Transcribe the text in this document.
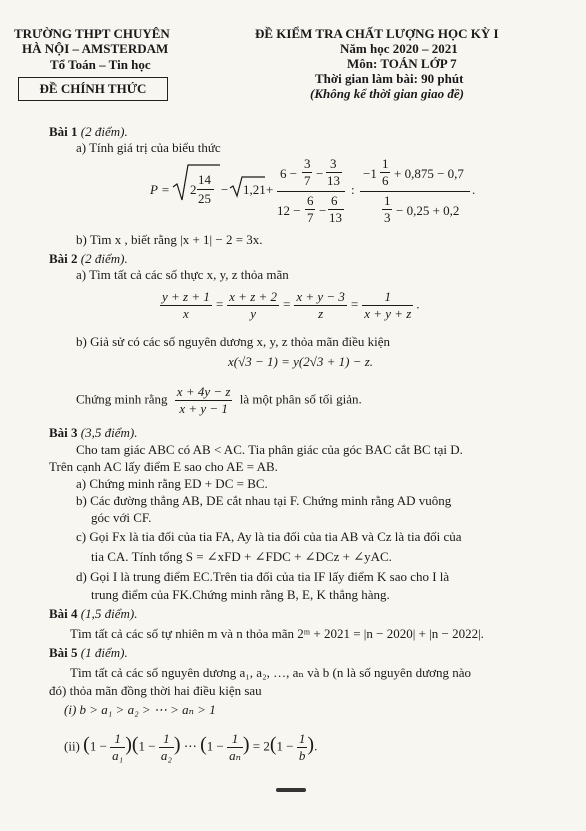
TRƯỜNG THPT CHUYÊN
HÀ NỘI – AMSTERDAM
Tổ Toán – Tin học
ĐỀ CHÍNH THỨC
ĐỀ KIỂM TRA CHẤT LƯỢNG HỌC KỲ I
Năm học 2020 – 2021
Môn: TOÁN LỚP 7
Thời gian làm bài: 90 phút
(Không kể thời gian giao đề)
Bài 1 (2 điểm).
a) Tính giá trị của biểu thức
P = 2
14
25
− 1,21 +
6 −
3
7 −
3
13
12 −
6
7 −
6
13
:
−1
1
6 + 0,875 − 0,7
1
3 − 0,25 + 0,2
.
b) Tìm x , biết rằng |x + 1| − 2 = 3x.
Bài 2 (2 điểm).
a) Tìm tất cả các số thực x, y, z thỏa mãn
$\frac{y + z + 1}{x} = \frac{x + z + 2}{y} = \frac{x + y - 3}{z} = \frac{1}{x + y + z}$ .
b) Giả sử có các số nguyên dương x, y, z thỏa mãn điều kiện
x(√3 − 1) = y(2√3 + 1) − z.
Chứng minh rằng $\frac{x + 4y - z}{x + y - 1}$ là một phân số tối giản.
Bài 3 (3,5 điểm).
Cho tam giác ABC có AB < AC. Tia phân giác của góc BAC cắt BC tại D.
Trên cạnh AC lấy điểm E sao cho AE = AB.
a) Chứng minh rằng ED + DC = BC.
b) Các đường thẳng AB, DE cắt nhau tại F. Chứng minh rằng AD vuông
góc với CF.
c) Gọi Fx là tia đối của tia FA, Ay là tia đối của tia AB và Cz là tia đối của
tia CA. Tính tổng S = ∠xFD + ∠FDC + ∠DCz + ∠yAC.
d) Gọi I là trung điểm EC.Trên tia đối của tia IF lấy điểm K sao cho I là
trung điểm của FK.Chứng minh rằng B, E, K thẳng hàng.
Bài 4 (1,5 điểm).
Tìm tất cả các số tự nhiên m và n thỏa mãn 2ᵐ + 2021 = |n − 2020| + |n − 2022|.
Bài 5 (1 điểm).
Tìm tất cả các số nguyên dương a₁, a₂, …, aₙ và b (n là số nguyên dương nào
đó) thỏa mãn đồng thời hai điều kiện sau
(i) b > a₁ > a₂ > ⋯ > aₙ > 1
(ii) $(1 - \frac{1}{\text{a₁}} )(1 - \frac{1}{\text{a₂}}$ ) ⋯ ($1 - \frac{1}{\text{aₙ}}$ ) = $2(1 - \frac{1}{b}$ ).
